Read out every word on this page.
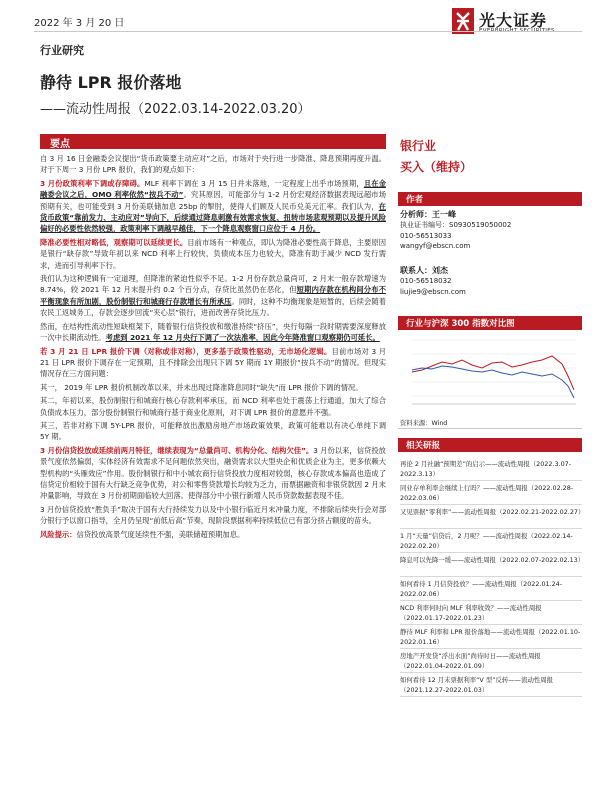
2022 年 3 月 20 日	光大证券
行业研究
静待 LPR 报价落地
——流动性周报（2022.03.14-2022.03.20）
要点

自 3 月 16 日金融委会议提出“货币政策要主动应对”之后，市场对于央行进一步降准、降息预期再度升温。对于下周一 3 月份 LPR 报价，我们的观点如下：

3 月份政策利率下调或存障碍。MLF 利率下调在 3 月 15 日并未落地，一定程度上出乎市场预期，且在金融委会议之后，OMO 利率依然“按兵不动”。究其原因，可能部分与 1-2 月份宏观经济数据表现远超市场预期有关，也可能受到 3 月份美联储加息 25bp 的掣肘，使得人们顾及人民币兑美元汇率。我们认为，在货币政策“靠前发力、主动应对”导向下，后续通过降息刺激有效需求恢复、扭转市场悲观预期以及提升风险偏好的必要性依然较强，政策利率下调越早越佳，下一个降息观察窗口应位于 4 月份。

降准必要性相对略低，观察期可以延续更长。目前市场有一种观点，即认为降准必要性高于降息，主要原因是银行“缺存款”导致年初以来 NCD 利率上行较快，负债成本压力也较大，降准有助于减少 NCD 发行需求，进而引导利率下行。

我们认为这种逻辑有一定道理，但降准的紧迫性似乎不足。1-2 月份存款总量尚可，2 月末一般存款增速为 8.74%，较 2021 年 12 月末提升约 0.2 个百分点，存贷比虽然仍在恶化，但短期内存款在机构间分布不平衡现象有所加剧，股份制银行和城商行存款增长有所承压。同时，这种不均衡现象是短暂的，后续会随着农民工返城务工，存款会逐步回流“夹心层”银行，进而改善存贷比压力。

然而，在结构性流动性短缺框架下，随着银行信贷投放和缴准持续“挤压”，央行每隔一段时期需要深度释放一次中长期流动性。考虑到 2021 年 12 月央行下调了一次法准率，因此今年降准窗口观察期仍可延长。

若 3 月 21 日 LPR 报价下调（对称或非对称），更多基于政策性驱动，无市场化逻辑。目前市场对 3 月 21 日 LPR 报价下调存在一定预期，且不排除会出现只下调 5Y 期而 1Y 期报价“按兵不动”的情况。但现实情况存在三方面问题：

其一， 2019 年 LPR 报价机制改革以来，并未出现过降准降息同时“缺失”而 LPR 报价下调的情况。

其二，年初以来，股份制银行和城商行核心存款利率承压，而 NCD 利率也处于震荡上行通道，加大了综合负债成本压力，部分股份制银行和城商行基于商业化原则，对下调 LPR 报价的意愿并不强。

其三，若非对称下调 5Y-LPR 报价，可能释放出激励房地产市场政策效果，政策可能难以有决心单纯下调 5Y 期。

3 月份信贷投放或延续前两月特征，继续表现为“总量尚可、机构分化、结构欠佳”。3 月份以来，信贷投放景气度依然偏弱，实体经济有效需求不足问题依然突出，融资需求以大型央企和优质企业为主，更多依赖大型机构的“头雁效应”作用。股份制银行和中小城农商行信贷投放力度相对较弱，核心存款成本偏高也造成了信贷定价相较于国有大行缺乏竞争优势，对公和零售贷款增长均较为乏力，而票据融资和非银贷款因 2 月末冲量影响，导致在 3 月份初期面临较大回落。使得部分中小银行新增人民币贷款数据表现不佳。

3 月份信贷投放“胜负手”取决于国有大行持续发力以及中小银行临近月末冲量力度，不排除后续央行会对部分银行予以窗口指导，全月仍呈现“前低后高”节奏，现阶段票据利率持续低位已有部分挤占额度的苗头。

风险提示：信贷投放高景气度延续性不强，美联储超预期加息。

银行业
买入（维持）
作者
分析师：王一峰
执业证书编号：S0930519050002
010-56513033
wangyf@ebscn.com
联系人：刘杰
010-56518032
liujie9@ebscn.com
行业与沪深 300 指数对比图
资料来源：Wind
相关研报
再论 2 月社融“预期差”的启示——流动性周报（2022.3.07-2022.3.13）
同业存单利率会继续上行吗？——流动性周报（2022.02.28-2022.03.06）
又见票据“零利率”——流动性周报（2022.02.21-2022.02.27）
1 月“天量”信贷后，2 月呢？——流动性周报（2022.02.14-2022.02.20）
降息可以先降一缓——流动性周报（2022.02.07-2022.02.13）
如何看待 1 月信贷投放？——流动性周报（2022.01.24-2022.02.06）
NCD 利率何时向 MLF 利率收敛？——流动性周报（2022.01.17-2022.01.23）
静待 MLF 利率和 LPR 报价落地——流动性周报（2022.01.10-2022.01.16）
房地产开发贷“浮出水面”尚待时日——流动性周报（2022.01.04-2022.01.09）
如何看待 12 月末票据利率“V 型”反转——流动性周报（2021.12.27-2022.01.03）
